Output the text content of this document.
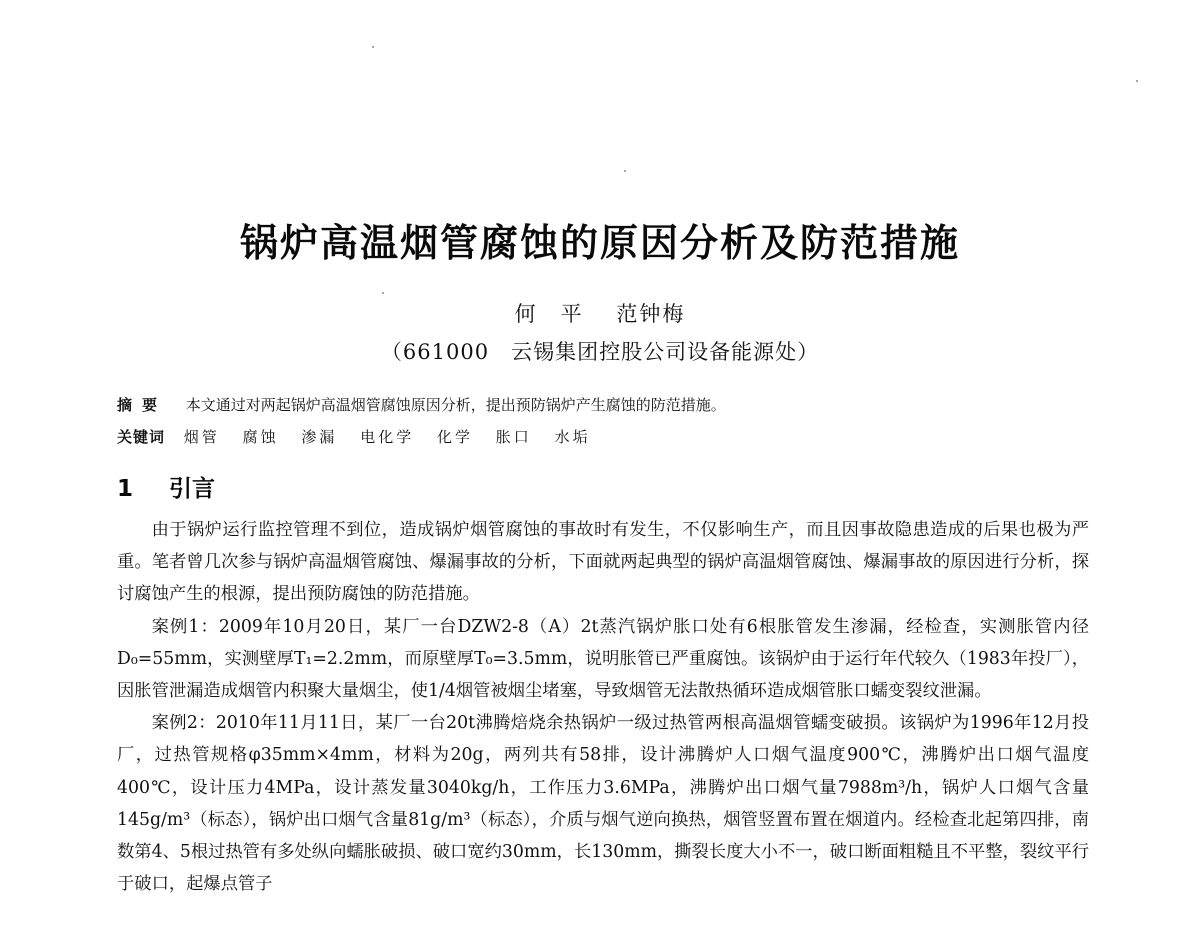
锅炉高温烟管腐蚀的原因分析及防范措施
何　平 范钟梅
（661000　云锡集团控股公司设备能源处）
摘要 本文通过对两起锅炉高温烟管腐蚀原因分析，提出预防锅炉产生腐蚀的防范措施。
关键词 烟管 腐蚀 渗漏 电化学 化学 胀口 水垢
1 引言

由于锅炉运行监控管理不到位，造成锅炉烟管腐蚀的事故时有发生，不仅影响生产，而且因事故隐患造成的后果也极为严重。笔者曾几次参与锅炉高温烟管腐蚀、爆漏事故的分析，下面就两起典型的锅炉高温烟管腐蚀、爆漏事故的原因进行分析，探讨腐蚀产生的根源，提出预防腐蚀的防范措施。

案例1：2009年10月20日，某厂一台DZW2-8（A）2t蒸汽锅炉胀口处有6根胀管发生渗漏，经检查，实测胀管内径D₀=55mm，实测壁厚T₁=2.2mm，而原壁厚T₀=3.5mm，说明胀管已严重腐蚀。该锅炉由于运行年代较久（1983年投厂），因胀管泄漏造成烟管内积聚大量烟尘，使1/4烟管被烟尘堵塞，导致烟管无法散热循环造成烟管胀口蠕变裂纹泄漏。

案例2：2010年11月11日，某厂一台20t沸腾焙烧余热锅炉一级过热管两根高温烟管蠕变破损。该锅炉为1996年12月投厂，过热管规格φ35mm×4mm，材料为20g，两列共有58排，设计沸腾炉人口烟气温度900℃，沸腾炉出口烟气温度400℃，设计压力4MPa，设计蒸发量3040kg/h，工作压力3.6MPa，沸腾炉出口烟气量7988m³/h，锅炉人口烟气含量145g/m³（标态），锅炉出口烟气含量81g/m³（标态），介质与烟气逆向换热，烟管竖置布置在烟道内。经检查北起第四排，南数第4、5根过热管有多处纵向蠕胀破损、破口宽约30mm，长130mm，撕裂长度大小不一，破口断面粗糙且不平整，裂纹平行于破口，起爆点管子
